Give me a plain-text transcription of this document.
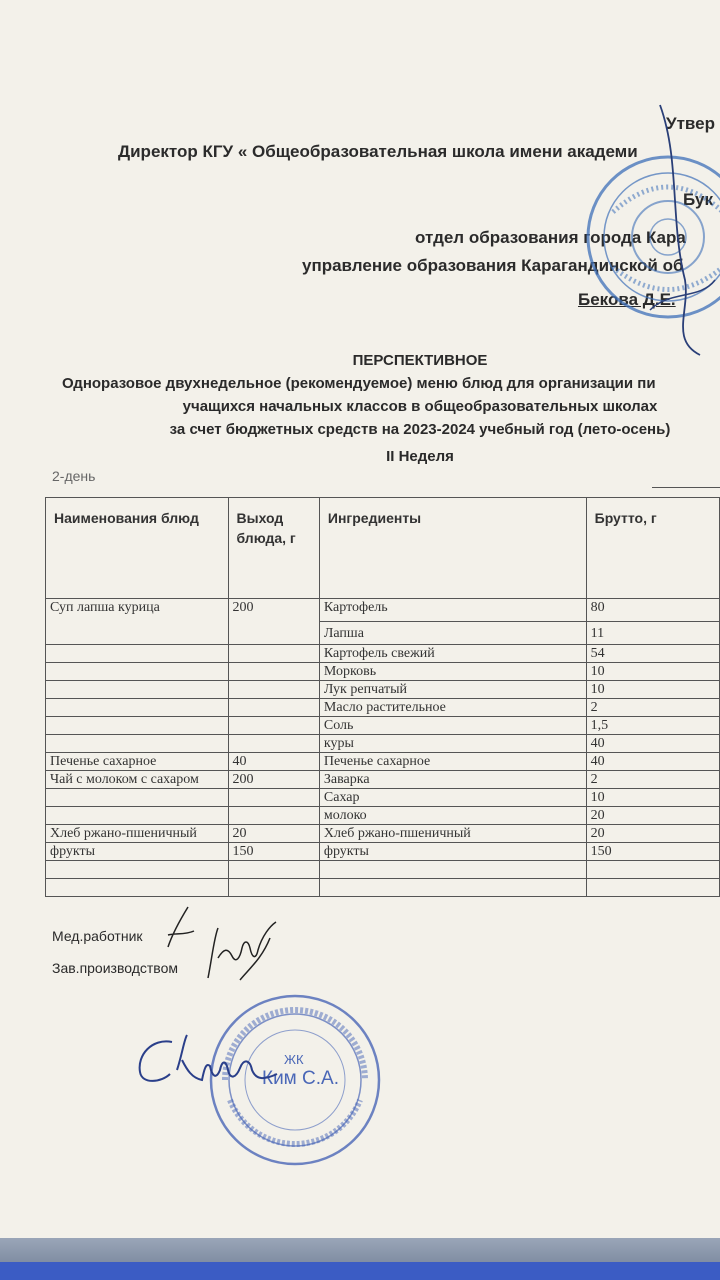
Утвер
Директор КГУ « Общеобразовательная школа имени академи
Бук
отдел образования города Кара
управление образования Карагандинской об
Бекова Д.Е.
ПЕРСПЕКТИВНОЕ
Одноразовое двухнедельное (рекомендуемое) меню блюд для организации пи
учащихся начальных классов в общеобразовательных школах
за счет бюджетных средств на 2023-2024 учебный год (лето-осень)
II Неделя
2-день
Наименования блюд	Выход блюда, г	Ингредиенты	Брутто, г
Суп лапша курица	200	Картофель	80
		Лапша	11
		Картофель свежий	54
		Морковь	10
		Лук репчатый	10
		Масло растительное	2
		Соль	1,5
		куры	40
Печенье сахарное	40	Печенье сахарное	40
Чай с молоком с сахаром	200	Заварка	2
		Сахар	10
		молоко	20
Хлеб ржано-пшеничный	20	Хлеб ржано-пшеничный	20
фрукты	150	фрукты	150

Мед.работник
Зав.производством
ЖК
Ким С.А.
